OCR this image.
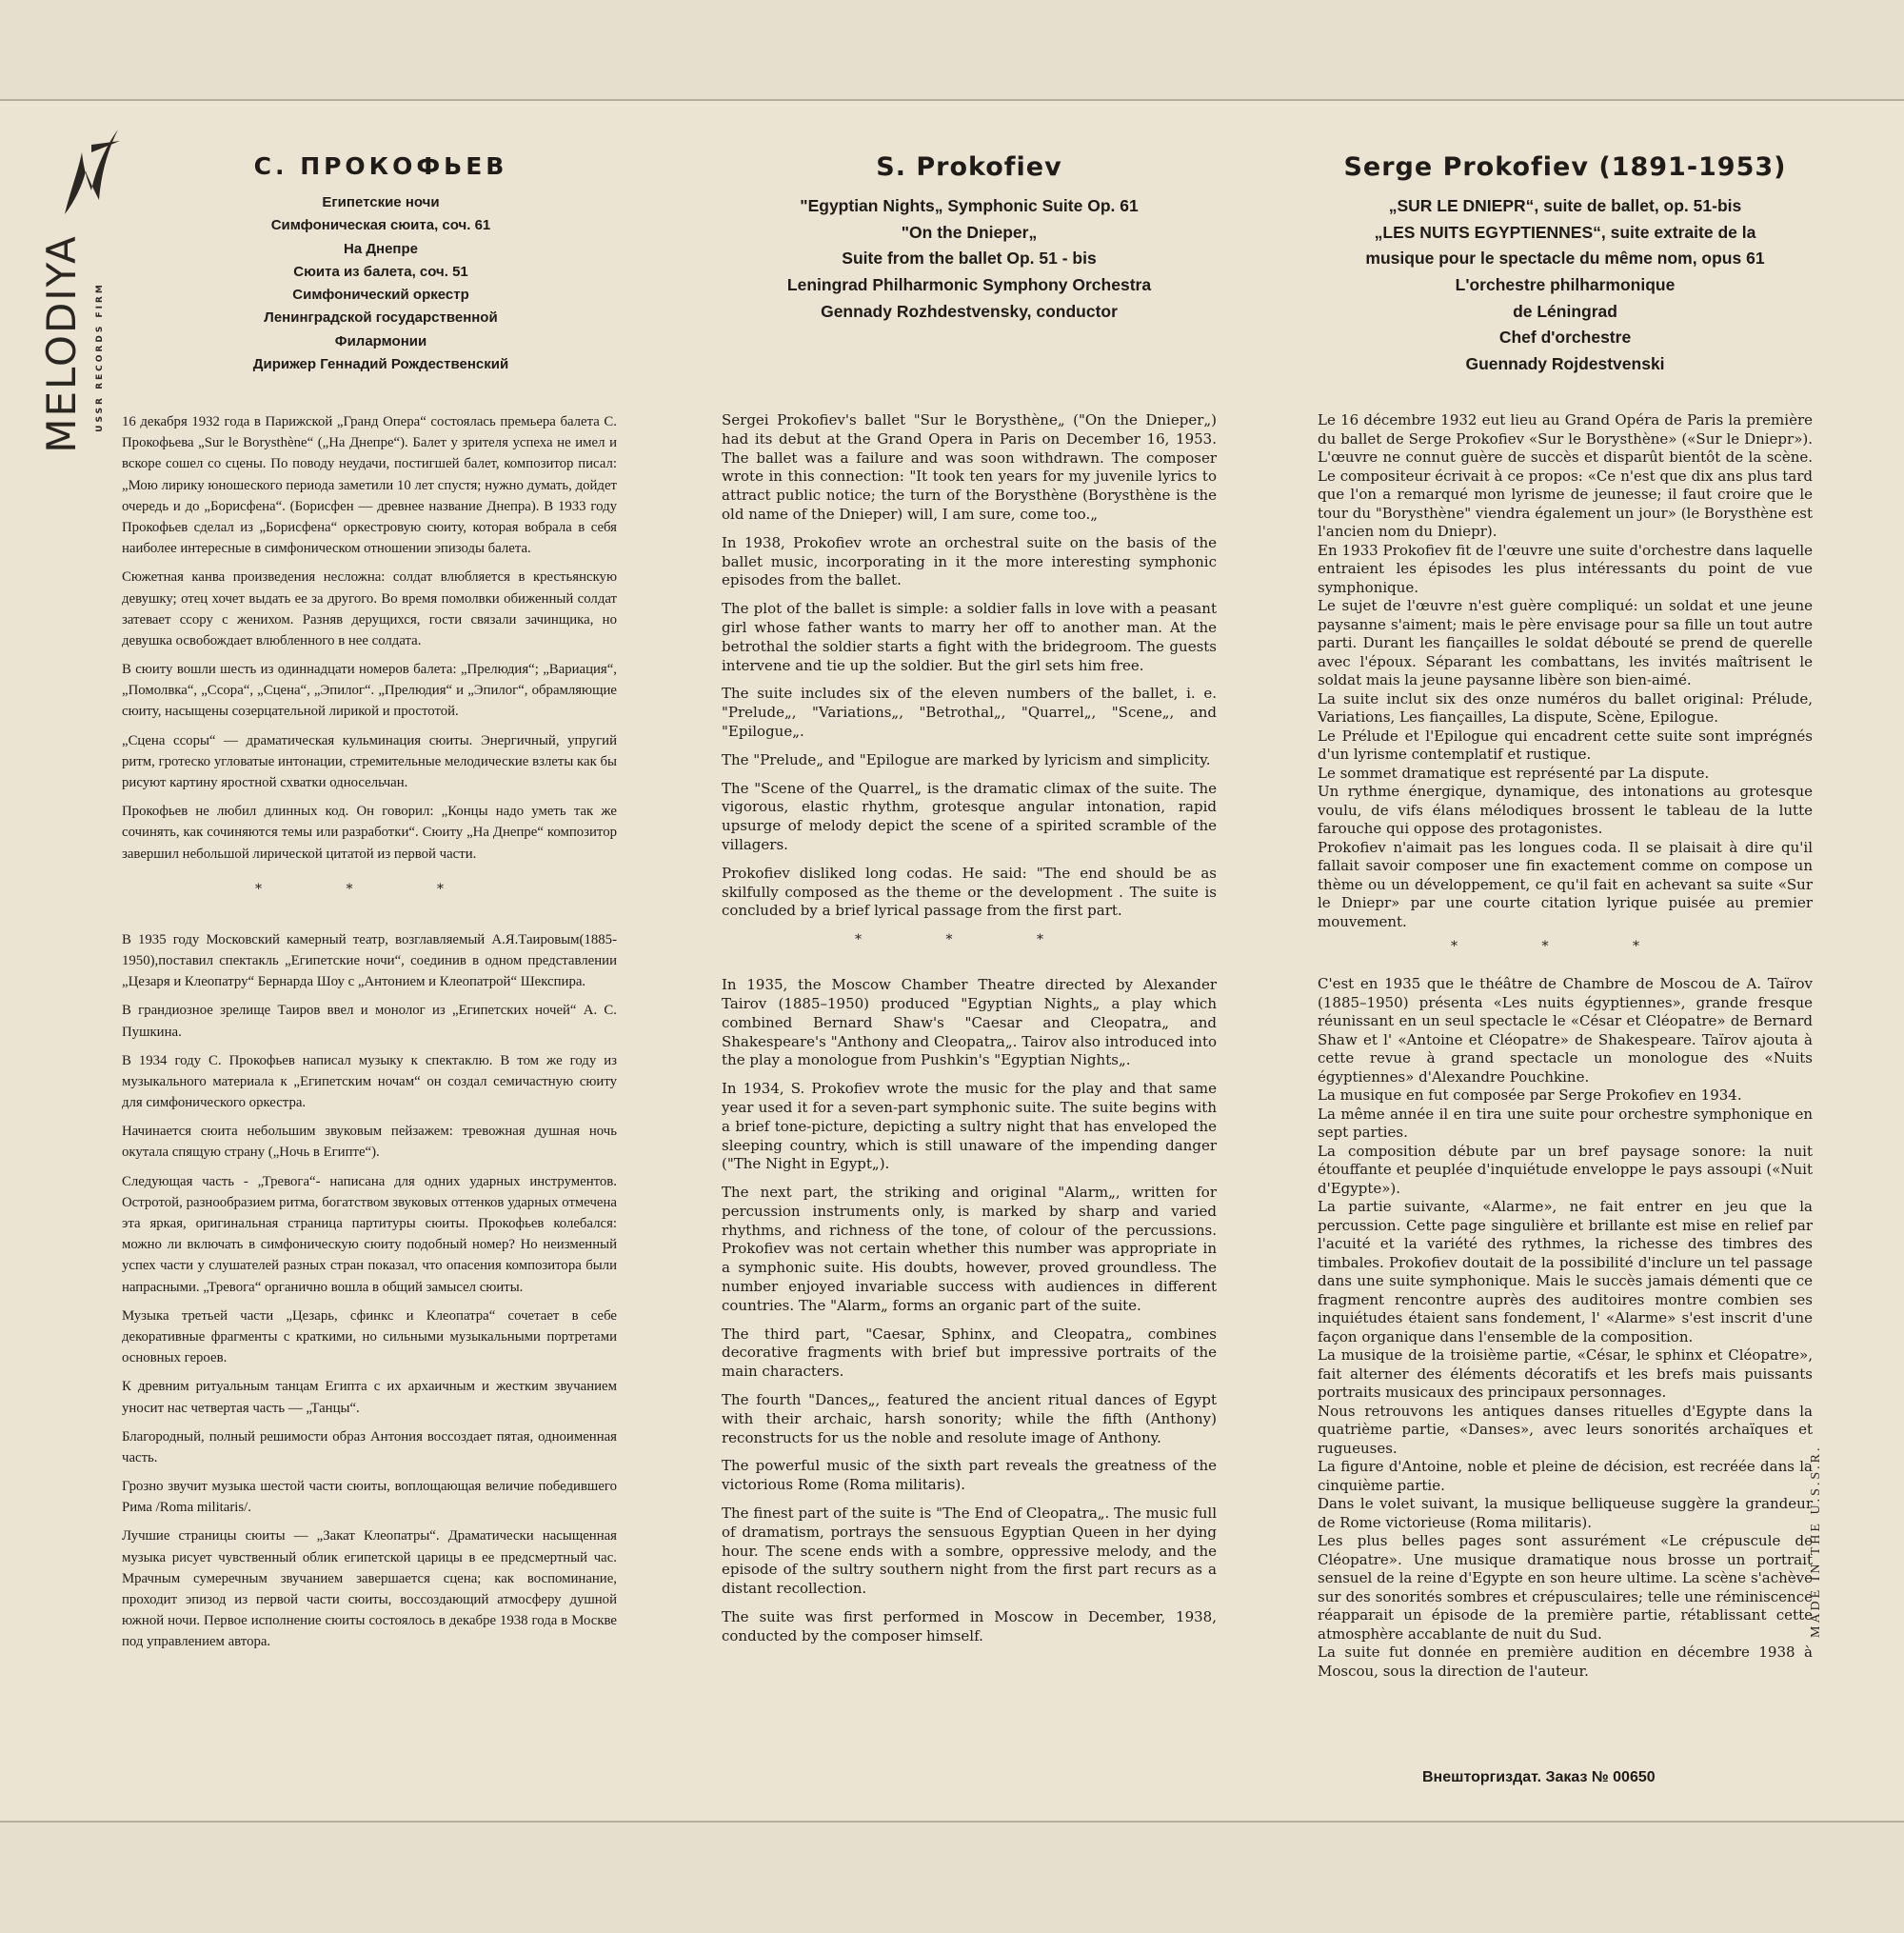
MELODIYA USSR RECORDS FIRM
С. ПРОКОФЬЕВ

Египетские ночи

Симфоническая сюита, соч. 61

На Днепре

Сюита из балета, соч. 51

Симфонический оркестр

Ленинградской государственной

Филармонии

Дирижер Геннадий Рождественский

S. Prokofiev

"Egyptian Nights„ Symphonic Suite Op. 61

"On the Dnieper„

Suite from the ballet Op. 51 - bis

Leningrad Philharmonic Symphony Orchestra

Gennady Rozhdestvensky, conductor

Serge Prokofiev (1891-1953)

„SUR LE DNIEPR“, suite de ballet, op. 51-bis

„LES NUITS EGYPTIENNES“, suite extraite de la

musique pour le spectacle du même nom, opus 61

L'orchestre philharmonique

de Léningrad

Chef d'orchestre

Guennady Rojdestvenski

16 декабря 1932 года в Парижской „Гранд Опера“ состоялась премьера балета С. Прокофьева „Sur le Borysthène“ („На Днепре“). Балет у зрителя успеха не имел и вскоре сошел со сцены. По поводу неудачи, постигшей балет, композитор писал: „Мою лирику юношеского периода заметили 10 лет спустя; нужно думать, дойдет очередь и до „Борисфена“. (Борисфен — древнее название Днепра). В 1933 году Прокофьев сделал из „Борисфена“ оркестровую сюиту, которая вобрала в себя наиболее интересные в симфоническом отношении эпизоды балета.

Сюжетная канва произведения несложна: солдат влюбляется в крестьянскую девушку; отец хочет выдать ее за другого. Во время помолвки обиженный солдат затевает ссору с женихом. Разняв дерущихся, гости связали зачинщика, но девушка освобождает влюбленного в нее солдата.

В сюиту вошли шесть из одиннадцати номеров балета: „Прелюдия“; „Вариация“, „Помолвка“, „Ссора“, „Сцена“, „Эпилог“. „Прелюдия“ и „Эпилог“, обрамляющие сюиту, насыщены созерцательной лирикой и простотой.

„Сцена ссоры“ — драматическая кульминация сюиты. Энергичный, упругий ритм, гротеско угловатые интонации, стремительные мелодические взлеты как бы рисуют картину яростной схватки односельчан.

Прокофьев не любил длинных код. Он говорил: „Концы надо уметь так же сочинять, как сочиняются темы или разработки“. Сюиту „На Днепре“ композитор завершил небольшой лирической цитатой из первой части.

* * *

В 1935 году Московский камерный театр, возглавляемый А.Я.Таировым(1885-1950),поставил спектакль „Египетские ночи“, соединив в одном представлении „Цезаря и Клеопатру“ Бернарда Шоу с „Антонием и Клеопатрой“ Шекспира.

В грандиозное зрелище Таиров ввел и монолог из „Египетских ночей“ А. С. Пушкина.

В 1934 году С. Прокофьев написал музыку к спектаклю. В том же году из музыкального материала к „Египетским ночам“ он создал семичастную сюиту для симфонического оркестра.

Начинается сюита небольшим звуковым пейзажем: тревожная душная ночь окутала спящую страну („Ночь в Египте“).

Следующая часть - „Тревога“- написана для одних ударных инструментов. Остротой, разнообразием ритма, богатством звуковых оттенков ударных отмечена эта яркая, оригинальная страница партитуры сюиты. Прокофьев колебался: можно ли включать в симфоническую сюиту подобный номер? Но неизменный успех части у слушателей разных стран показал, что опасения композитора были напрасными. „Тревога“ органично вошла в общий замысел сюиты.

Музыка третьей части „Цезарь, сфинкс и Клеопатра“ сочетает в себе декоративные фрагменты с краткими, но сильными музыкальными портретами основных героев.

К древним ритуальным танцам Египта с их архаичным и жестким звучанием уносит нас четвертая часть — „Танцы“.

Благородный, полный решимости образ Антония воссоздает пятая, одноименная часть.

Грозно звучит музыка шестой части сюиты, воплощающая величие победившего Рима /Roma militaris/.

Лучшие страницы сюиты — „Закат Клеопатры“. Драматически насыщенная музыка рисует чувственный облик египетской царицы в ее предсмертный час. Мрачным сумеречным звучанием завершается сцена; как воспоминание, проходит эпизод из первой части сюиты, воссоздающий атмосферу душной южной ночи. Первое исполнение сюиты состоялось в декабре 1938 года в Москве под управлением автора.

Sergei Prokofiev's ballet "Sur le Borysthène„ ("On the Dnieper„) had its debut at the Grand Opera in Paris on December 16, 1953. The ballet was a failure and was soon withdrawn. The composer wrote in this connection: "It took ten years for my juvenile lyrics to attract public notice; the turn of the Borysthène (Borysthène is the old name of the Dnieper) will, I am sure, come too.„

In 1938, Prokofiev wrote an orchestral suite on the basis of the ballet music, incorporating in it the more interesting symphonic episodes from the ballet.

The plot of the ballet is simple: a soldier falls in love with a peasant girl whose father wants to marry her off to another man. At the betrothal the soldier starts a fight with the bridegroom. The guests intervene and tie up the soldier. But the girl sets him free.

The suite includes six of the eleven numbers of the ballet, i. e. "Prelude„, "Variations„, "Betrothal„, "Quarrel„, "Scene„, and "Epilogue„.

The "Prelude„ and "Epilogue are marked by lyricism and simplicity.

The "Scene of the Quarrel„ is the dramatic climax of the suite. The vigorous, elastic rhythm, grotesque angular intonation, rapid upsurge of melody depict the scene of a spirited scramble of the villagers.

Prokofiev disliked long codas. He said: "The end should be as skilfully composed as the theme or the development . The suite is concluded by a brief lyrical passage from the first part.

* * *

In 1935, the Moscow Chamber Theatre directed by Alexander Tairov (1885–1950) produced "Egyptian Nights„ a play which combined Bernard Shaw's "Caesar and Cleopatra„ and Shakespeare's "Anthony and Cleopatra„. Tairov also introduced into the play a monologue from Pushkin's "Egyptian Nights„.

In 1934, S. Prokofiev wrote the music for the play and that same year used it for a seven-part symphonic suite. The suite begins with a brief tone-picture, depicting a sultry night that has enveloped the sleeping country, which is still unaware of the impending danger ("The Night in Egypt„).

The next part, the striking and original "Alarm„, written for percussion instruments only, is marked by sharp and varied rhythms, and richness of the tone, of colour of the percussions. Prokofiev was not certain whether this number was appropriate in a symphonic suite. His doubts, however, proved groundless. The number enjoyed invariable success with audiences in different countries. The "Alarm„ forms an organic part of the suite.

The third part, "Caesar, Sphinx, and Cleopatra„ combines decorative fragments with brief but impressive portraits of the main characters.

The fourth "Dances„, featured the ancient ritual dances of Egypt with their archaic, harsh sonority; while the fifth (Anthony) reconstructs for us the noble and resolute image of Anthony.

The powerful music of the sixth part reveals the greatness of the victorious Rome (Roma militaris).

The finest part of the suite is "The End of Cleopatra„. The music full of dramatism, portrays the sensuous Egyptian Queen in her dying hour. The scene ends with a sombre, oppressive melody, and the episode of the sultry southern night from the first part recurs as a distant recollection.

The suite was first performed in Moscow in December, 1938, conducted by the composer himself.

Le 16 décembre 1932 eut lieu au Grand Opéra de Paris la première du ballet de Serge Prokofiev «Sur le Borysthène» («Sur le Dniepr»). L'œuvre ne connut guère de succès et disparût bientôt de la scène. Le compositeur écrivait à ce propos: «Ce n'est que dix ans plus tard que l'on a remarqué mon lyrisme de jeunesse; il faut croire que le tour du "Borysthène" viendra également un jour» (le Borysthène est l'ancien nom du Dniepr).

En 1933 Prokofiev fit de l'œuvre une suite d'orchestre dans laquelle entraient les épisodes les plus intéressants du point de vue symphonique.

Le sujet de l'œuvre n'est guère compliqué: un soldat et une jeune paysanne s'aiment; mais le père envisage pour sa fille un tout autre parti. Durant les fiançailles le soldat débouté se prend de querelle avec l'époux. Séparant les combattans, les invités maîtrisent le soldat mais la jeune paysanne libère son bien-aimé.

La suite inclut six des onze numéros du ballet original: Prélude, Variations, Les fiançailles, La dispute, Scène, Epilogue.

Le Prélude et l'Epilogue qui encadrent cette suite sont imprégnés d'un lyrisme contemplatif et rustique.

Le sommet dramatique est représenté par La dispute.

Un rythme énergique, dynamique, des intonations au grotesque voulu, de vifs élans mélodiques brossent le tableau de la lutte farouche qui oppose des protagonistes.

Prokofiev n'aimait pas les longues coda. Il se plaisait à dire qu'il fallait savoir composer une fin exactement comme on compose un thème ou un développement, ce qu'il fait en achevant sa suite «Sur le Dniepr» par une courte citation lyrique puisée au premier mouvement.

* * *

C'est en 1935 que le théâtre de Chambre de Moscou de A. Taïrov (1885–1950) présenta «Les nuits égyptiennes», grande fresque réunissant en un seul spectacle le «César et Cléopatre» de Bernard Shaw et l' «Antoine et Cléopatre» de Shakespeare. Taïrov ajouta à cette revue à grand spectacle un monologue des «Nuits égyptiennes» d'Alexandre Pouchkine.

La musique en fut composée par Serge Prokofiev en 1934.

La même année il en tira une suite pour orchestre symphonique en sept parties.

La composition débute par un bref paysage sonore: la nuit étouffante et peuplée d'inquiétude enveloppe le pays assoupi («Nuit d'Egypte»).

La partie suivante, «Alarme», ne fait entrer en jeu que la percussion. Cette page singulière et brillante est mise en relief par l'acuité et la variété des rythmes, la richesse des timbres des timbales. Prokofiev doutait de la possibilité d'inclure un tel passage dans une suite symphonique. Mais le succès jamais démenti que ce fragment rencontre auprès des auditoires montre combien ses inquiétudes étaient sans fondement, l' «Alarme» s'est inscrit d'une façon organique dans l'ensemble de la composition.

La musique de la troisième partie, «César, le sphinx et Cléopatre», fait alterner des éléments décoratifs et les brefs mais puissants portraits musicaux des principaux personnages.

Nous retrouvons les antiques danses rituelles d'Egypte dans la quatrième partie, «Danses», avec leurs sonorités archaïques et rugueuses.

La figure d'Antoine, noble et pleine de décision, est recréée dans la cinquième partie.

Dans le volet suivant, la musique belliqueuse suggère la grandeur de Rome victorieuse (Roma militaris).

Les plus belles pages sont assurément «Le crépuscule de Cléopatre». Une musique dramatique nous brosse un portrait sensuel de la reine d'Egypte en son heure ultime. La scène s'achève sur des sonorités sombres et crépusculaires; telle une réminiscence réapparait un épisode de la première partie, rétablissant cette atmosphère accablante de nuit du Sud.

La suite fut donnée en première audition en décembre 1938 à Moscou, sous la direction de l'auteur.

MADE IN THE U.S.S.R.
Внешторгиздат. Заказ № 00650
